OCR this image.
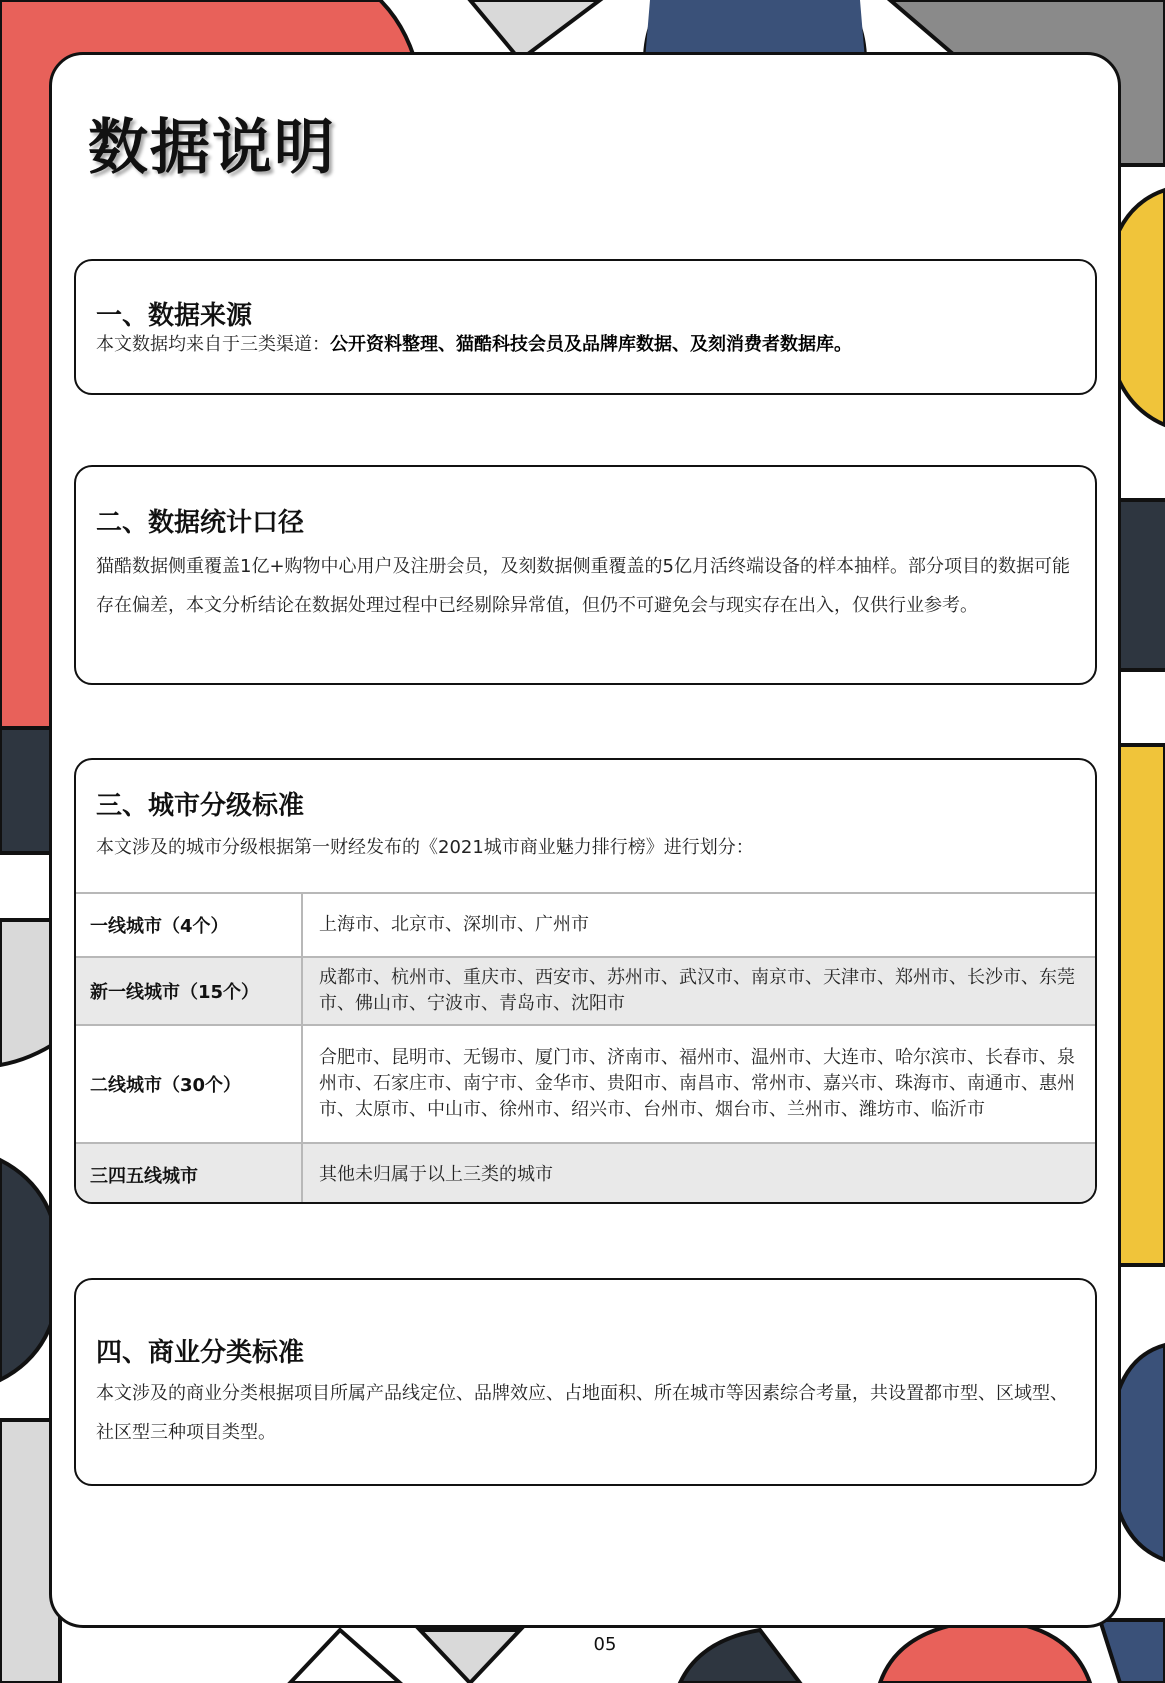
数据说明
一、数据来源

本文数据均来自于三类渠道：公开资料整理、猫酷科技会员及品牌库数据、及刻消费者数据库。

二、数据统计口径

猫酷数据侧重覆盖1亿+购物中心用户及注册会员，及刻数据侧重覆盖的5亿月活终端设备的样本抽样。部分项目的数据可能存在偏差，本文分析结论在数据处理过程中已经剔除异常值，但仍不可避免会与现实存在出入，仅供行业参考。

三、城市分级标准

本文涉及的城市分级根据第一财经发布的《2021城市商业魅力排行榜》进行划分：

一线城市（4个）	上海市、北京市、深圳市、广州市
新一线城市（15个）	成都市、杭州市、重庆市、西安市、苏州市、武汉市、南京市、天津市、郑州市、长沙市、东莞市、佛山市、宁波市、青岛市、沈阳市
二线城市（30个）	合肥市、昆明市、无锡市、厦门市、济南市、福州市、温州市、大连市、哈尔滨市、长春市、泉州市、石家庄市、南宁市、金华市、贵阳市、南昌市、常州市、嘉兴市、珠海市、南通市、惠州市、太原市、中山市、徐州市、绍兴市、台州市、烟台市、兰州市、潍坊市、临沂市
三四五线城市	其他未归属于以上三类的城市
四、商业分类标准

本文涉及的商业分类根据项目所属产品线定位、品牌效应、占地面积、所在城市等因素综合考量，共设置都市型、区域型、社区型三种项目类型。

05
